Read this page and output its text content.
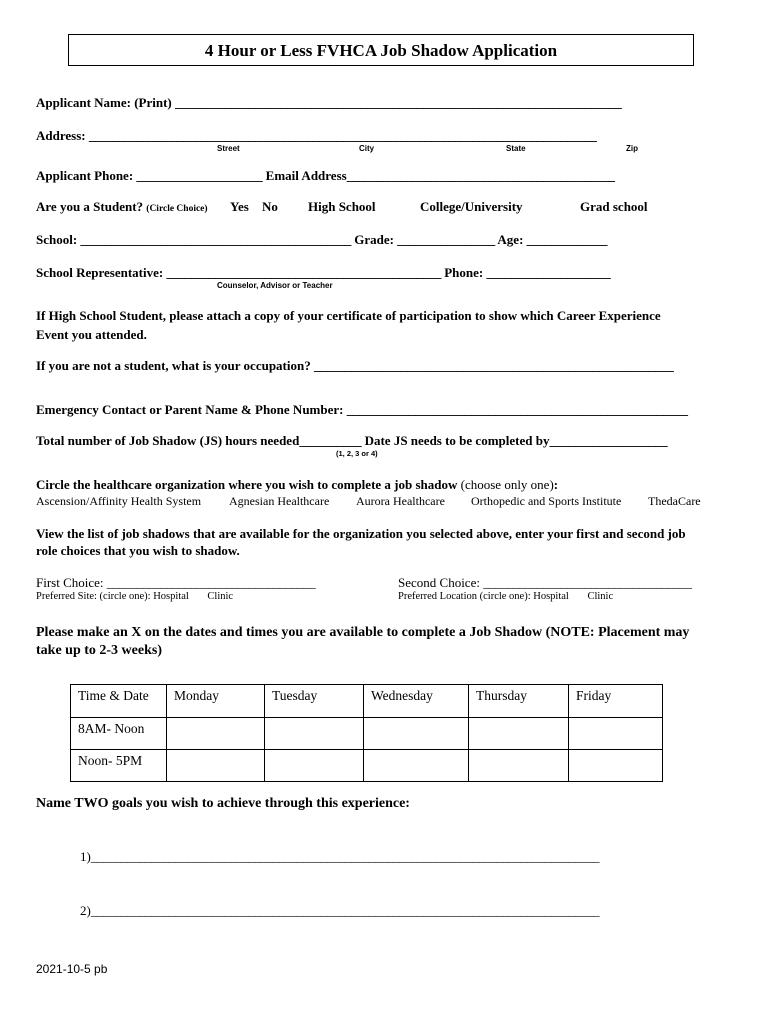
4 Hour or Less FVHCA Job Shadow Application
Applicant Name: (Print) ________________________________________________________________________
Address: ______________________________________________________________________________________
Street	City	State	Zip
Applicant Phone: ____________________ Email Address_____________________________________________
Are you a Student? (Circle Choice) Yes No High School	College/University	Grad school
School: ____________________________________________ Grade: ________________ Age: _____________
School Representative: _____________________________________________ Phone: ____________________
Counselor, Advisor or Teacher
If High School Student, please attach a copy of your certificate of participation to show which Career Experience
Event you attended.
If you are not a student, what is your occupation? __________________________________________________________
Emergency Contact or Parent Name & Phone Number: _______________________________________________________
Total number of Job Shadow (JS) hours needed__________ Date JS needs to be completed by___________________
(1, 2, 3 or 4)
Circle the healthcare organization where you wish to complete a job shadow (choose only one):
Ascension/Affinity Health System Agnesian Healthcare Aurora Healthcare Orthopedic and Sports Institute ThedaCare
View the list of job shadows that are available for the organization you selected above, enter your first and second job
role choices that you wish to shadow.
First Choice: ___________________________________
Preferred Site: (circle one): Hospital Clinic
Second Choice: ___________________________________
Preferred Location (circle one): Hospital Clinic
Please make an X on the dates and times you are available to complete a Job Shadow (NOTE: Placement may
take up to 2-3 weeks)
Time & Date	Monday	Tuesday	Wednesday	Thursday	Friday
8AM- Noon					
Noon- 5PM					
Name TWO goals you wish to achieve through this experience:
1)____________________________________________________________________________________
2)____________________________________________________________________________________
2021-10-5 pb
